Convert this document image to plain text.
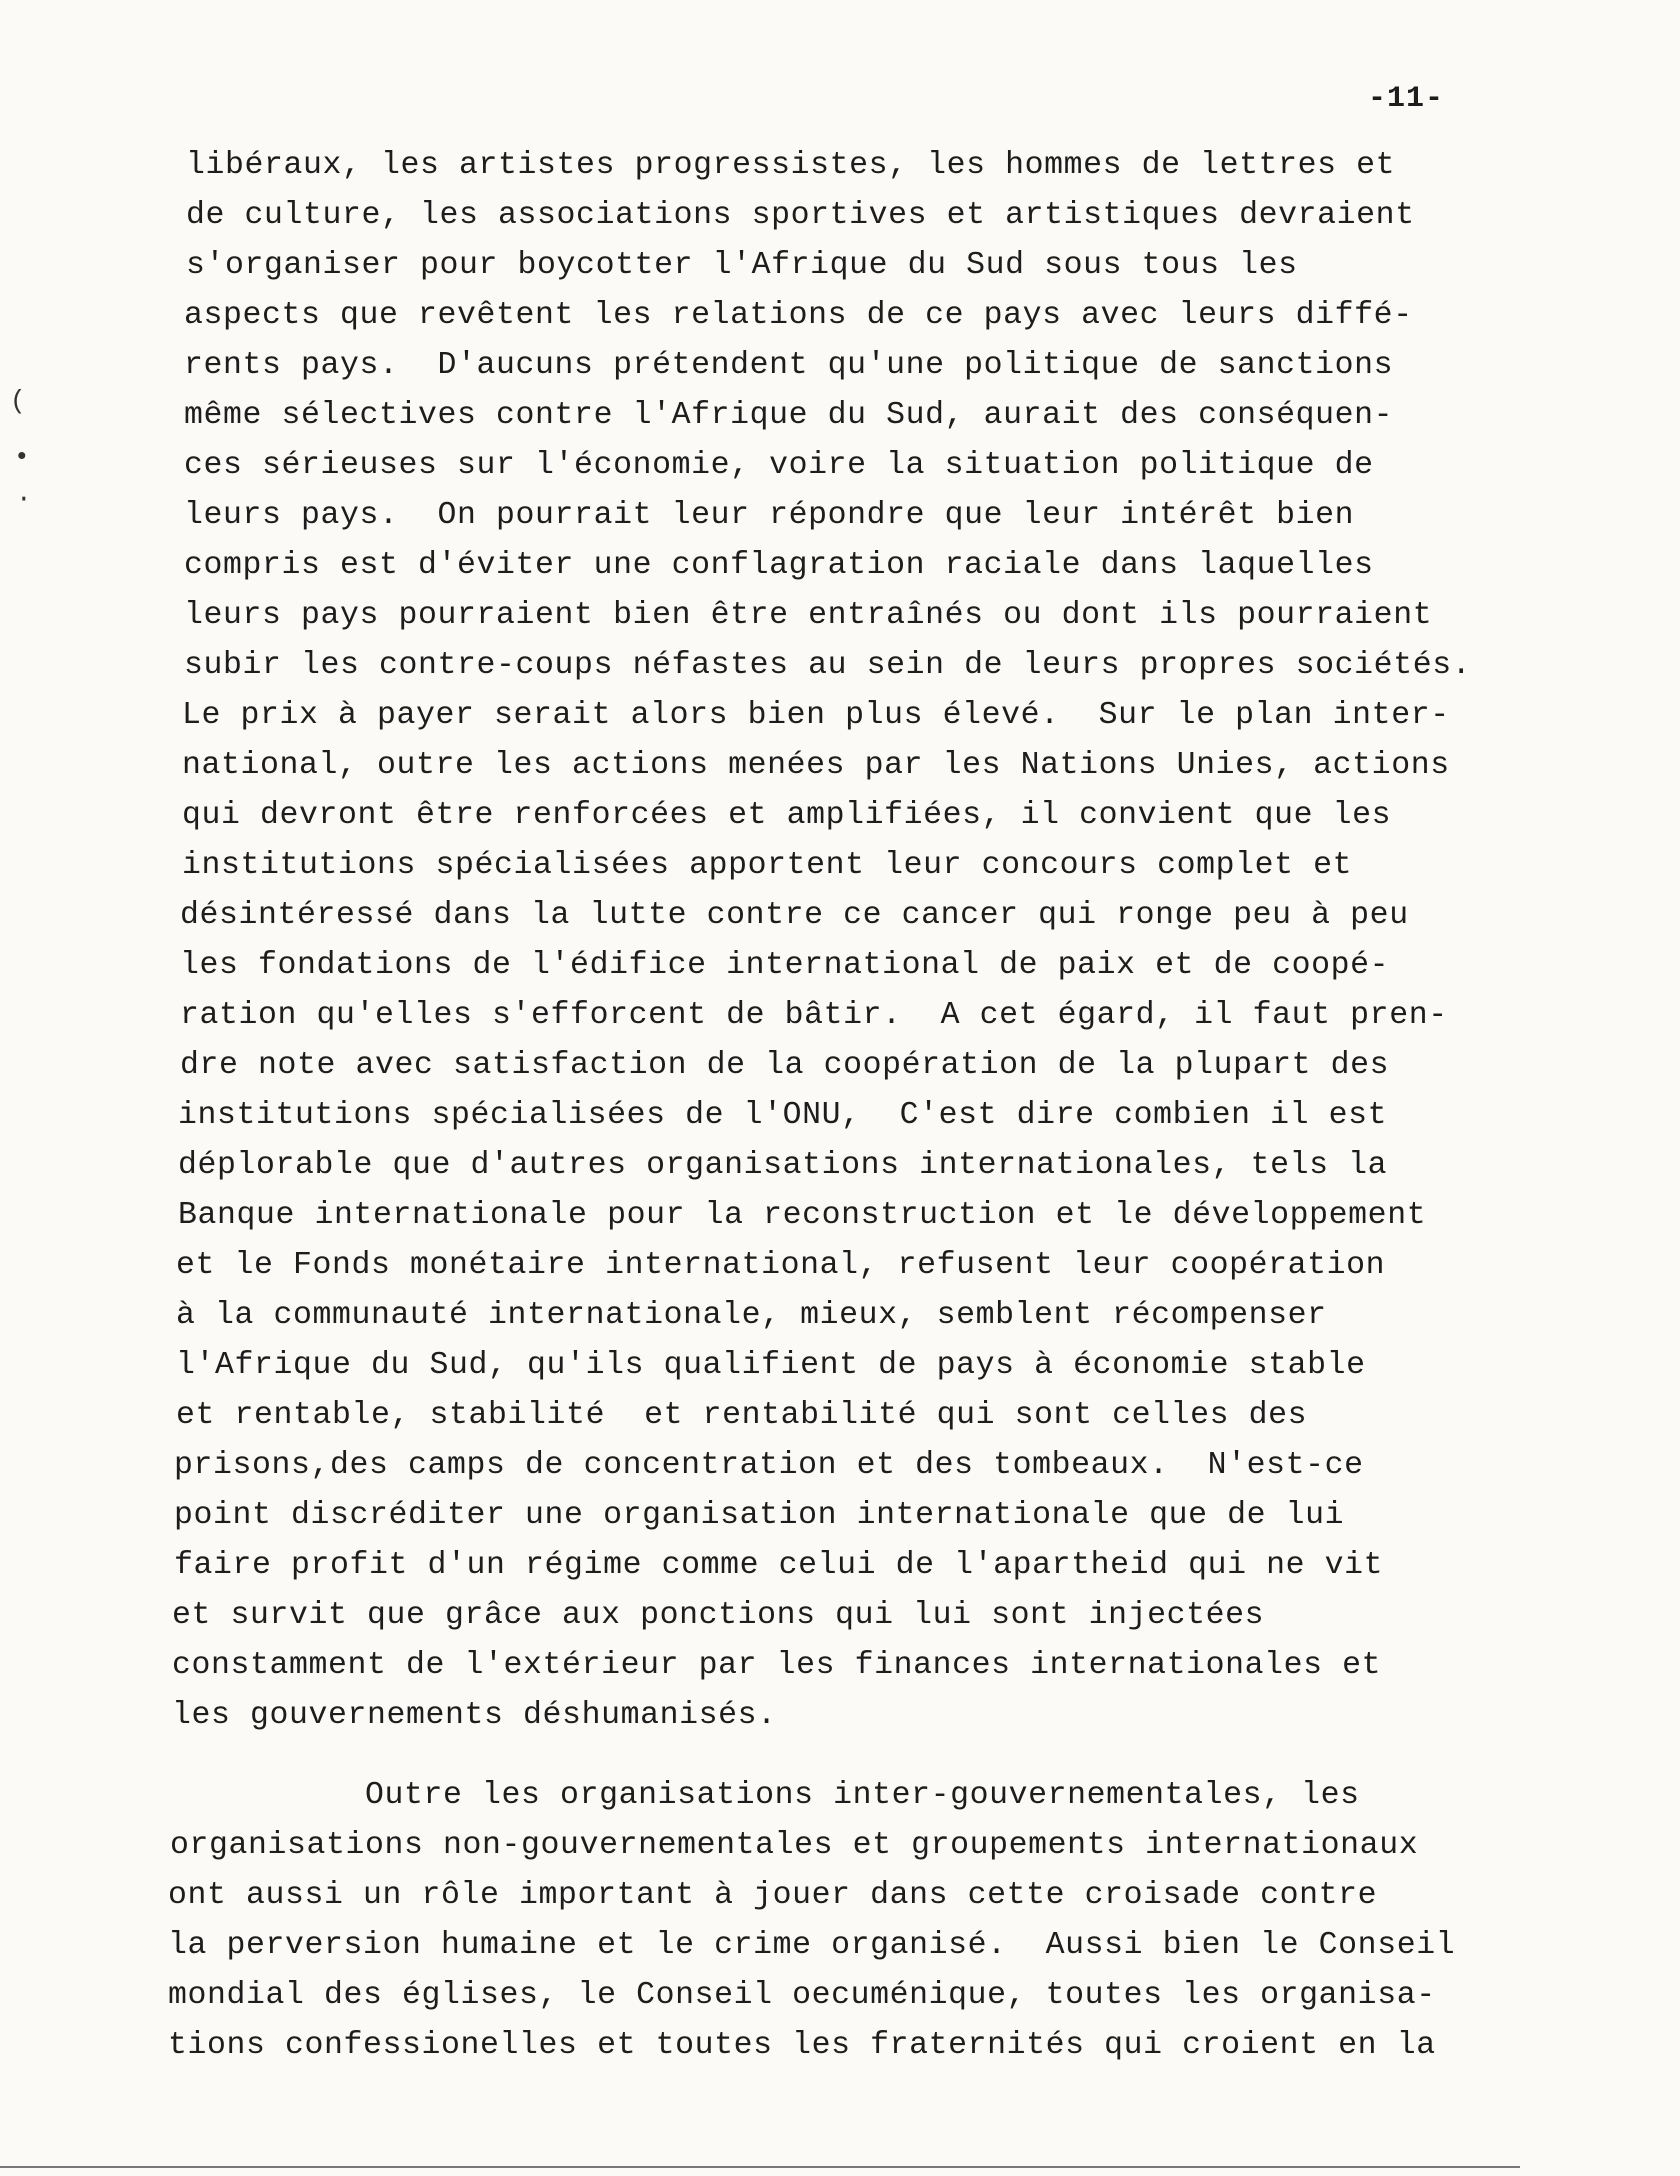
-11-
(
•
·
libéraux, les artistes progressistes, les hommes de lettres et
de culture, les associations sportives et artistiques devraient
s'organiser pour boycotter l'Afrique du Sud sous tous les
aspects que revêtent les relations de ce pays avec leurs diffé-
rents pays.  D'aucuns prétendent qu'une politique de sanctions
même sélectives contre l'Afrique du Sud, aurait des conséquen-
ces sérieuses sur l'économie, voire la situation politique de
leurs pays.  On pourrait leur répondre que leur intérêt bien
compris est d'éviter une conflagration raciale dans laquelles
leurs pays pourraient bien être entraînés ou dont ils pourraient
subir les contre-coups néfastes au sein de leurs propres sociétés.
Le prix à payer serait alors bien plus élevé.  Sur le plan inter-
national, outre les actions menées par les Nations Unies, actions
qui devront être renforcées et amplifiées, il convient que les
institutions spécialisées apportent leur concours complet et
désintéressé dans la lutte contre ce cancer qui ronge peu à peu
les fondations de l'édifice international de paix et de coopé-
ration qu'elles s'efforcent de bâtir.  A cet égard, il faut pren-
dre note avec satisfaction de la coopération de la plupart des
institutions spécialisées de l'ONU,  C'est dire combien il est
déplorable que d'autres organisations internationales, tels la
Banque internationale pour la reconstruction et le développement
et le Fonds monétaire international, refusent leur coopération
à la communauté internationale, mieux, semblent récompenser
l'Afrique du Sud, qu'ils qualifient de pays à économie stable
et rentable, stabilité  et rentabilité qui sont celles des
prisons,des camps de concentration et des tombeaux.  N'est-ce
point discréditer une organisation internationale que de lui
faire profit d'un régime comme celui de l'apartheid qui ne vit
et survit que grâce aux ponctions qui lui sont injectées
constamment de l'extérieur par les finances internationales et
les gouvernements déshumanisés.
Outre les organisations inter-gouvernementales, les
organisations non-gouvernementales et groupements internationaux
ont aussi un rôle important à jouer dans cette croisade contre
la perversion humaine et le crime organisé.  Aussi bien le Conseil
mondial des églises, le Conseil oecuménique, toutes les organisa-
tions confessionelles et toutes les fraternités qui croient en la
